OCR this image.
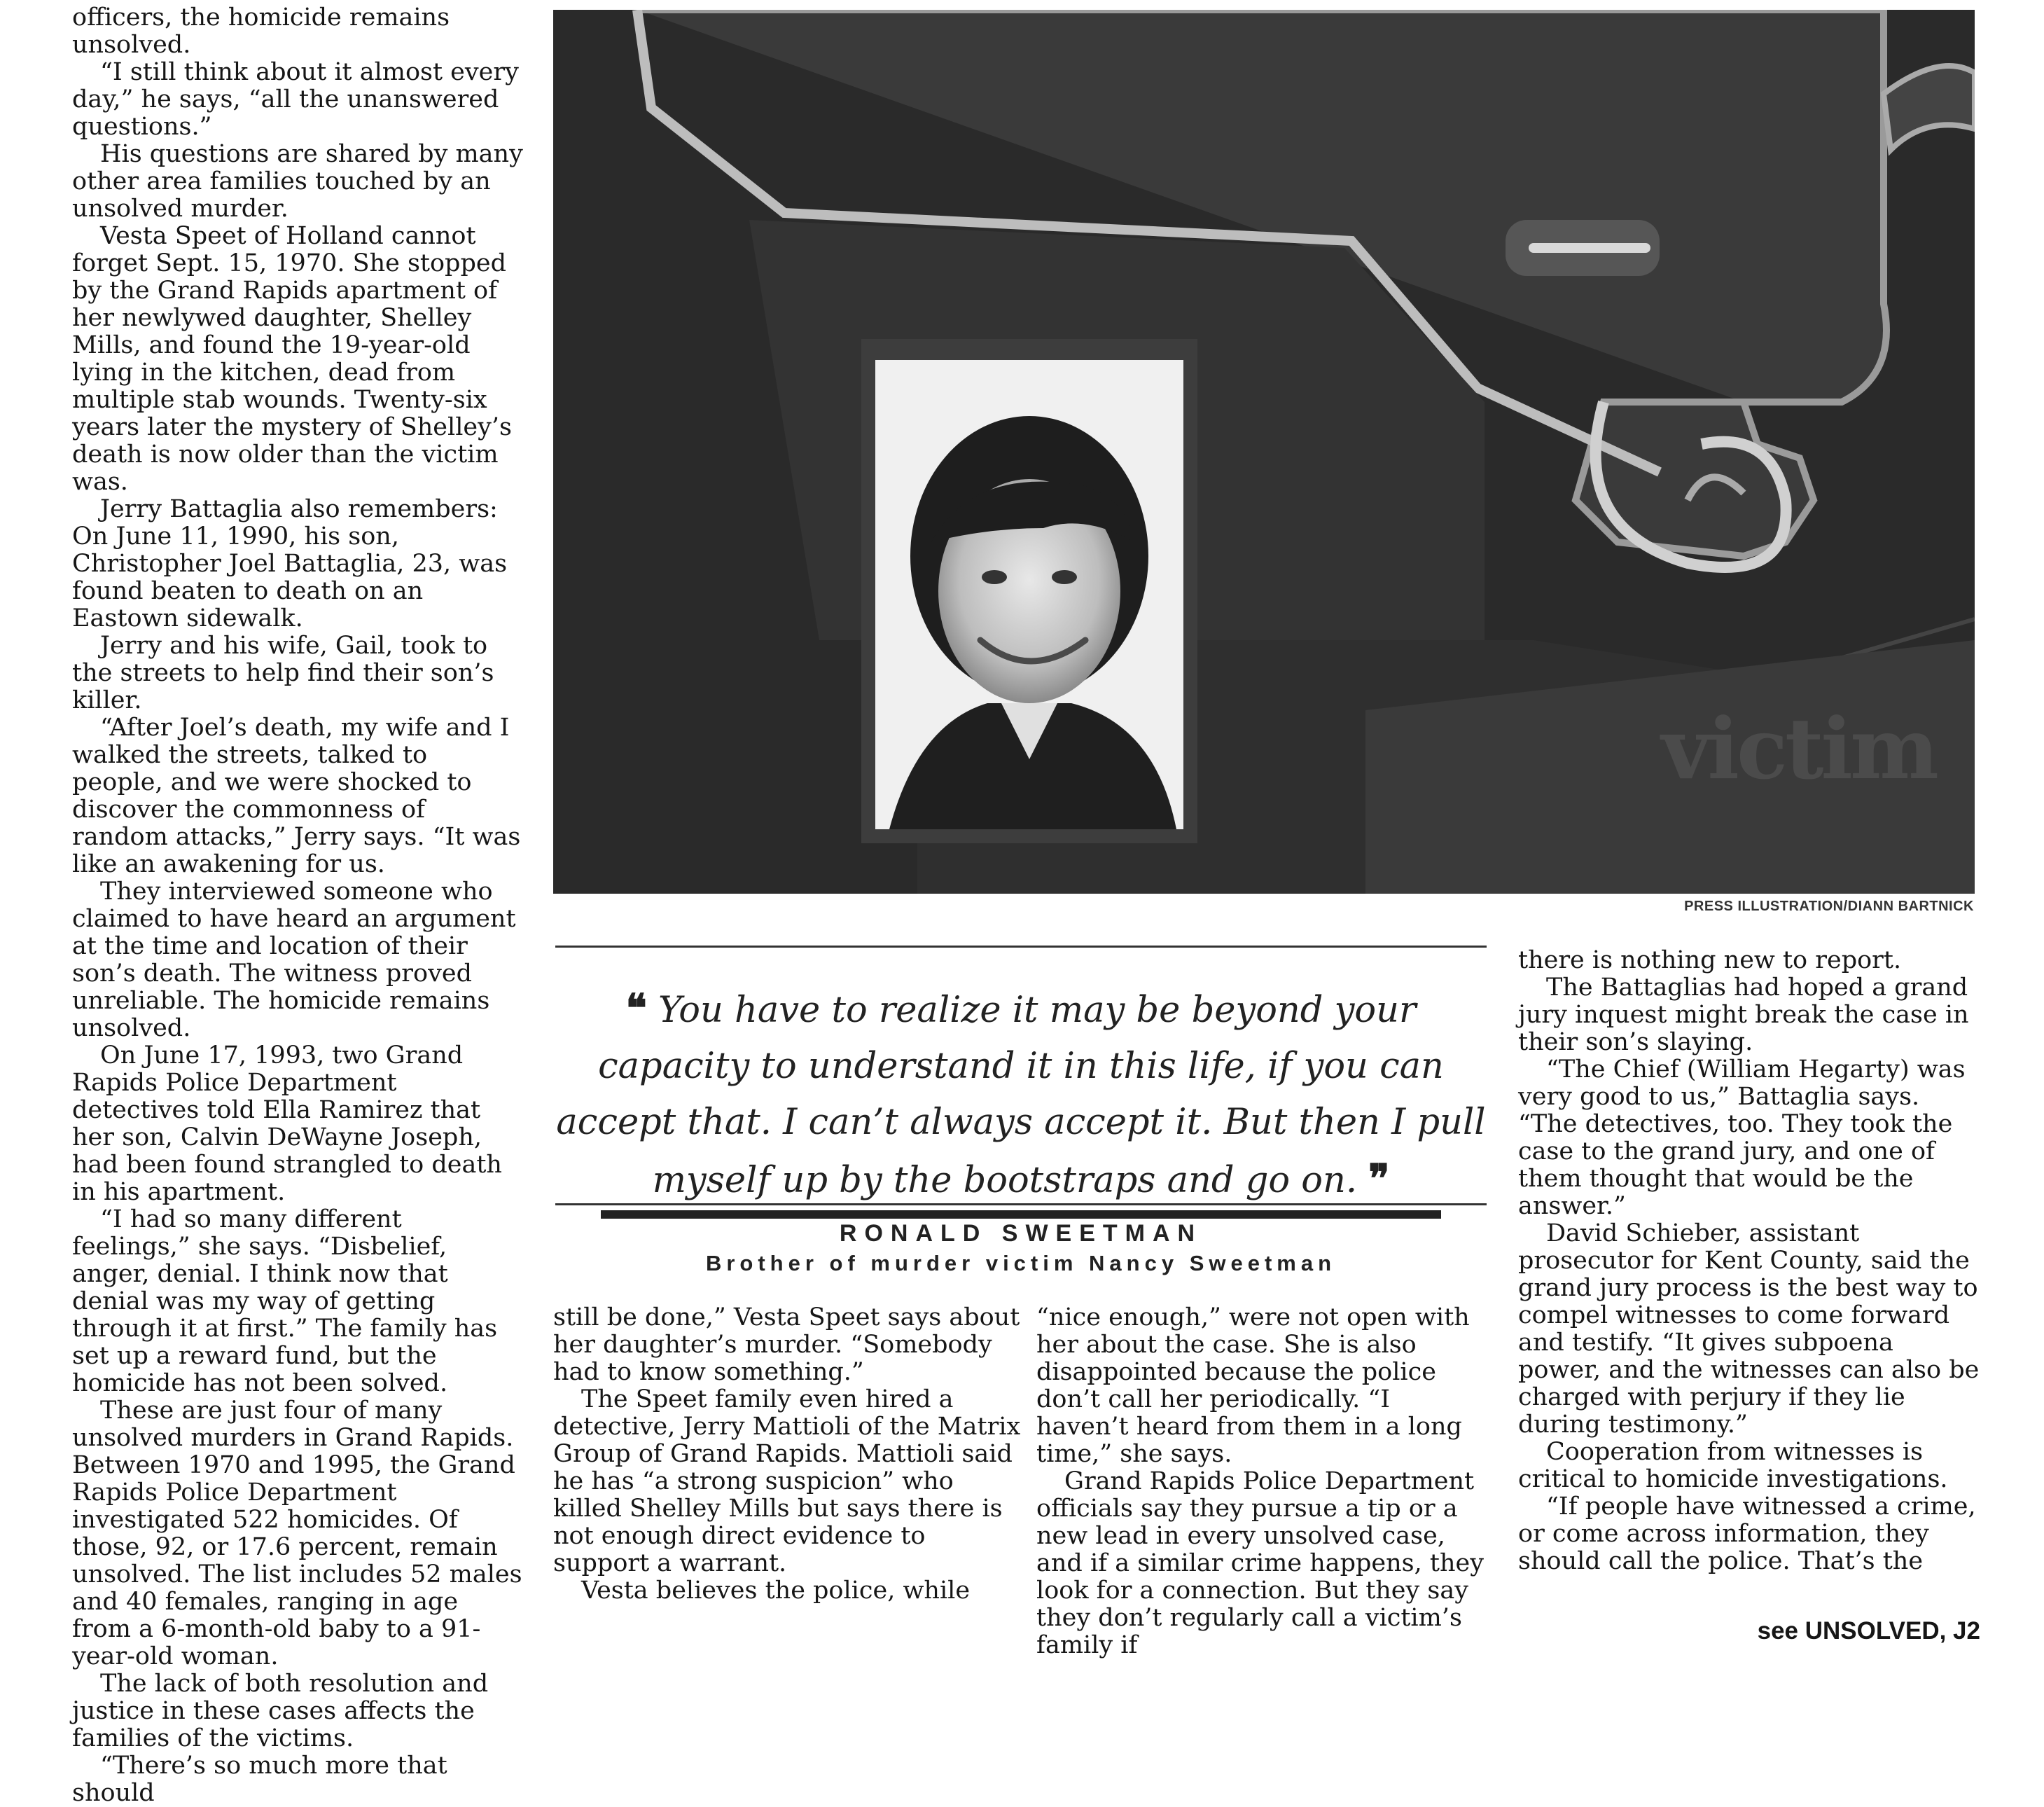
officers, the homicide remains unsolved.

“I still think about it almost every day,” he says, “all the unanswered questions.”

His questions are shared by many other area families touched by an unsolved murder.

Vesta Speet of Holland cannot forget Sept. 15, 1970. She stopped by the Grand Rapids apartment of her newlywed daughter, Shelley Mills, and found the 19-year-old lying in the kitchen, dead from multiple stab wounds. Twenty-six years later the mystery of Shelley’s death is now older than the victim was.

Jerry Battaglia also remembers: On June 11, 1990, his son, Christopher Joel Battaglia, 23, was found beaten to death on an Eastown sidewalk.

Jerry and his wife, Gail, took to the streets to help find their son’s killer.

“After Joel’s death, my wife and I walked the streets, talked to people, and we were shocked to discover the commonness of random attacks,” Jerry says. “It was like an awakening for us.

They interviewed someone who claimed to have heard an argument at the time and location of their son’s death. The witness proved unreliable. The homicide remains unsolved.

On June 17, 1993, two Grand Rapids Police Department detectives told Ella Ramirez that her son, Calvin DeWayne Joseph, had been found strangled to death in his apartment.

“I had so many different feelings,” she says. “Disbelief, anger, denial. I think now that denial was my way of getting through it at first.” The family has set up a reward fund, but the homicide has not been solved.

These are just four of many unsolved murders in Grand Rapids. Between 1970 and 1995, the Grand Rapids Police Department investigated 522 homicides. Of those, 92, or 17.6 percent, remain unsolved. The list includes 52 males and 40 females, ranging in age from a 6-month-old baby to a 91-year-old woman.

The lack of both resolution and justice in these cases affects the families of the victims.

“There’s so much more that should

victim
PRESS ILLUSTRATION/DIANN BARTNICK

❝ You have to realize it may be beyond your capacity to understand it in this life, if you can accept that. I can’t always accept it. But then I pull myself up by the bootstraps and go on. ❞

RONALD SWEETMAN
Brother of murder victim Nancy Sweetman

still be done,” Vesta Speet says about her daughter’s murder. “Somebody had to know something.”

The Speet family even hired a detective, Jerry Mattioli of the Matrix Group of Grand Rapids. Mattioli said he has “a strong suspicion” who killed Shelley Mills but says there is not enough direct evidence to support a warrant.

Vesta believes the police, while

“nice enough,” were not open with her about the case. She is also disappointed because the police don’t call her periodically. “I haven’t heard from them in a long time,” she says.

Grand Rapids Police Department officials say they pursue a tip or a new lead in every unsolved case, and if a similar crime happens, they look for a connection. But they say they don’t regularly call a victim’s family if

there is nothing new to report.

The Battaglias had hoped a grand jury inquest might break the case in their son’s slaying.

“The Chief (William Hegarty) was very good to us,” Battaglia says. “The detectives, too. They took the case to the grand jury, and one of them thought that would be the answer.”

David Schieber, assistant prosecutor for Kent County, said the grand jury process is the best way to compel witnesses to come forward and testify. “It gives subpoena power, and the witnesses can also be charged with perjury if they lie during testimony.”

Cooperation from witnesses is critical to homicide investigations.

“If people have witnessed a crime, or come across information, they should call the police. That’s the

see UNSOLVED, J2
